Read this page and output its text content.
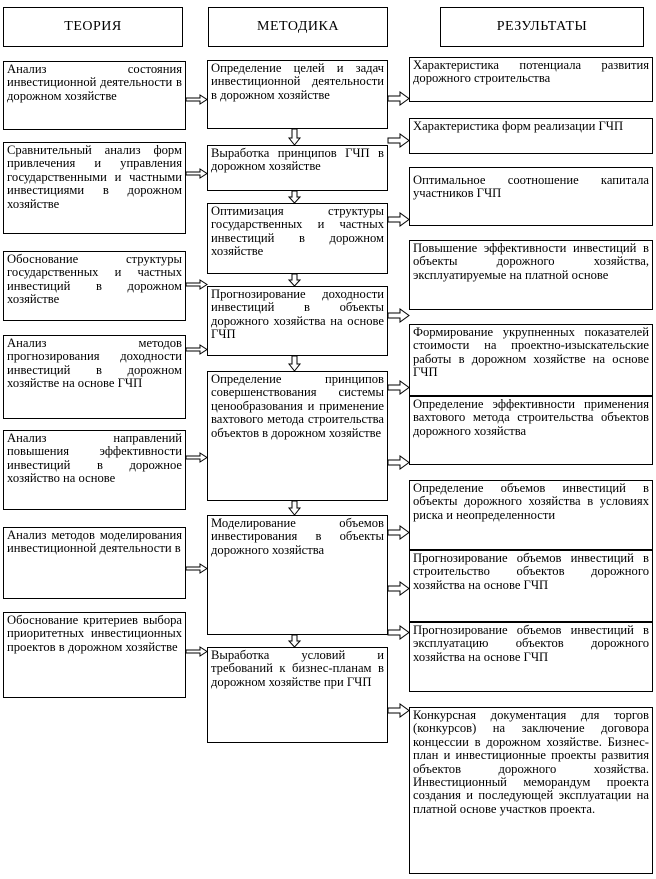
ТЕОРИЯ	МЕТОДИКА	РЕЗУЛЬТАТЫ
Анализ состояния инвестиционной деятельности в дорожном хозяйстве
Сравнительный анализ форм привлечения и управления государственными и частными инвестициями в дорожном хозяйстве
Обоснование структуры государственных и частных инвестиций в дорожном хозяйстве
Анализ методов прогнозирования доходности инвестиций в дорожном хозяйстве на основе ГЧП
Анализ направлений повышения эффективности инвестиций в дорожное хозяйство на основе
Анализ методов моделирования инвестиционной деятельности в
Обоснование критериев выбора приоритетных инвестиционных проектов в дорожном хозяйстве
Определение целей и задач инвестиционной деятельности в дорожном хозяйстве
Выработка принципов ГЧП в дорожном хозяйстве
Оптимизация структуры государственных и частных инвестиций в дорожном хозяйстве
Прогнозирование доходности инвестиций в объекты дорожного хозяйства на основе ГЧП
Определение принципов совершенствования системы ценообразования и применение вахтового метода строительства объектов в дорожном хозяйстве
Моделирование объемов инвестирования в объекты дорожного хозяйства
Выработка условий и требований к бизнес-планам в дорожном хозяйстве при ГЧП
Характеристика потенциала развития дорожного строительства
Характеристика форм реализации ГЧП
Оптимальное соотношение капитала участников ГЧП
Повышение эффективности инвестиций в объекты дорожного хозяйства, эксплуатируемые на платной основе
Формирование укрупненных показателей стоимости на проектно-изыскательские работы в дорожном хозяйстве на основе ГЧП
Определение эффективности применения вахтового метода строительства объектов дорожного хозяйства
Определение объемов инвестиций в объекты дорожного хозяйства в условиях риска и неопределенности
Прогнозирование объемов инвестиций в строительство объектов дорожного хозяйства на основе ГЧП
Прогнозирование объемов инвестиций в эксплуатацию объектов дорожного хозяйства на основе ГЧП
Конкурсная документация для торгов (конкурсов) на заключение договора концессии в дорожном хозяйстве. Бизнес-план и инвестиционные проекты развития объектов дорожного хозяйства. Инвестиционный меморандум проекта создания и последующей эксплуатации на платной основе участков проекта.
